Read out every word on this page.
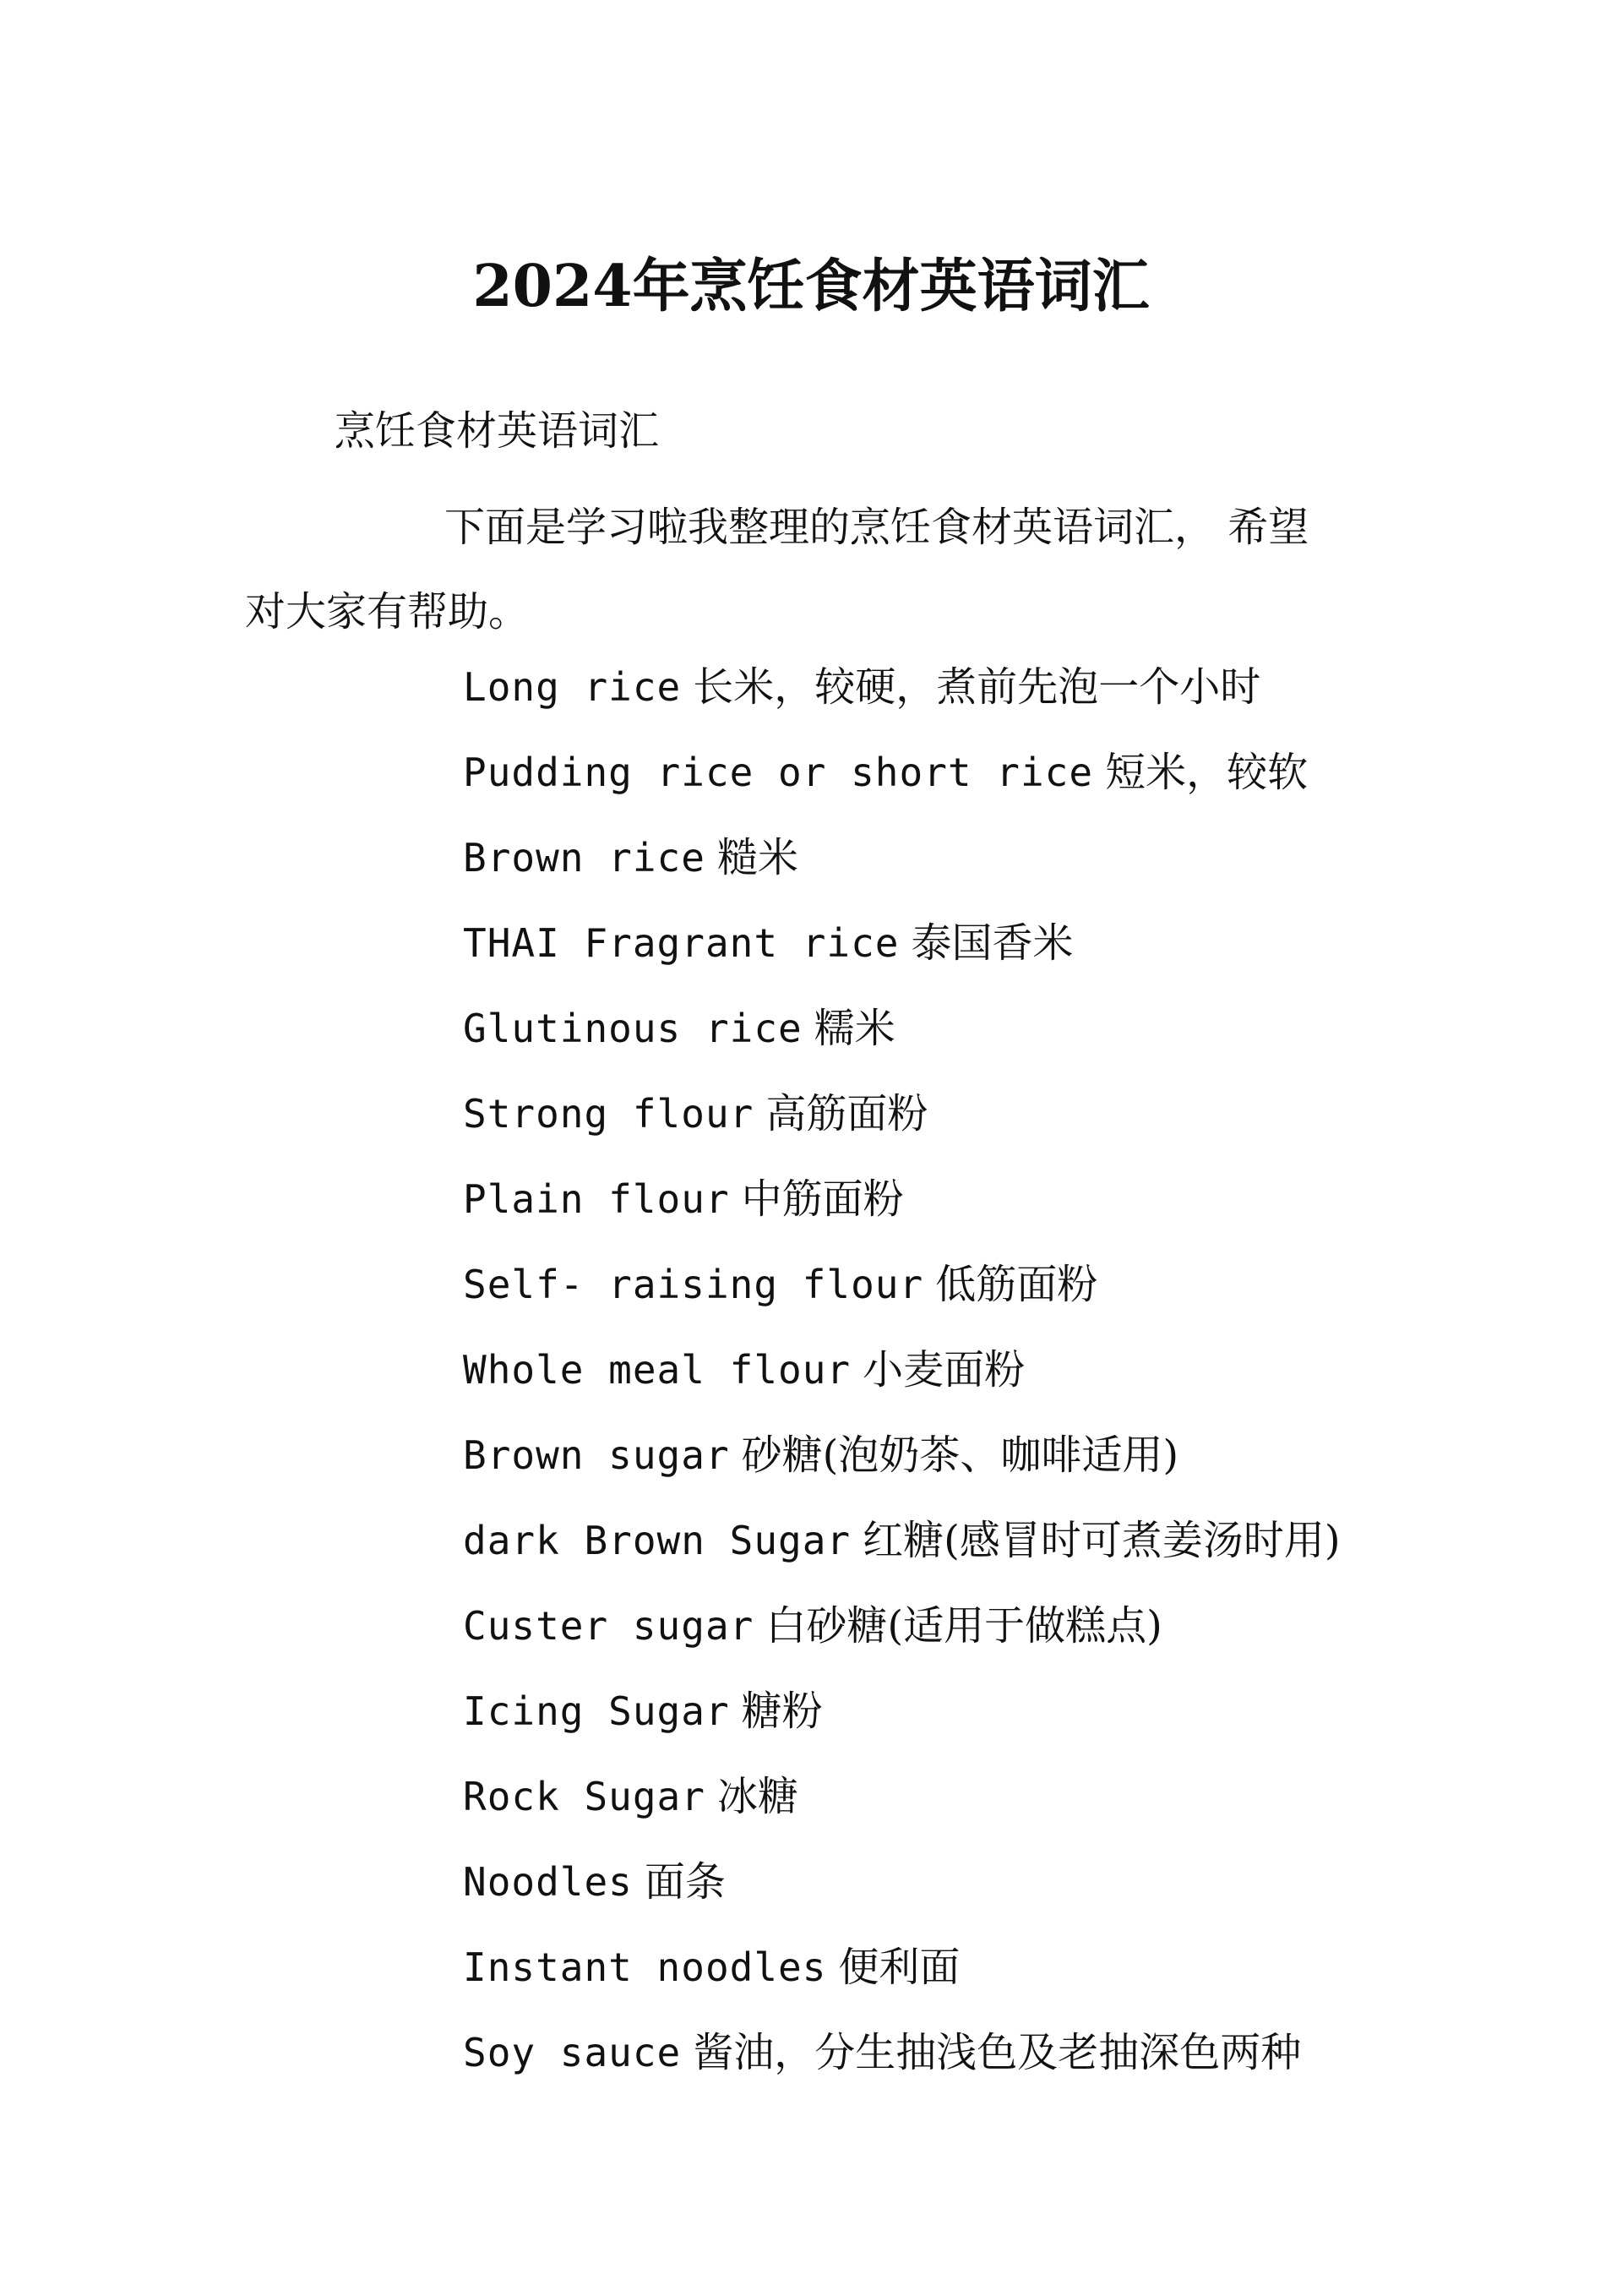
2024年烹饪食材英语词汇
烹饪食材英语词汇
下面是学习啦我整理的烹饪食材英语词汇， 希望
对大家有帮助。
Long rice 长米，较硬，煮前先泡一个小时
Pudding rice or short rice 短米，较软
Brown rice 糙米
THAI Fragrant rice 泰国香米
Glutinous rice 糯米
Strong flour 高筋面粉
Plain flour 中筋面粉
Self- raising flour 低筋面粉
Whole meal flour 小麦面粉
Brown sugar 砂糖(泡奶茶、咖啡适用)
dark Brown Sugar 红糖(感冒时可煮姜汤时用)
Custer sugar 白砂糖(适用于做糕点)
Icing Sugar 糖粉
Rock Sugar 冰糖
Noodles 面条
Instant noodles 便利面
Soy sauce 酱油，分生抽浅色及老抽深色两种
